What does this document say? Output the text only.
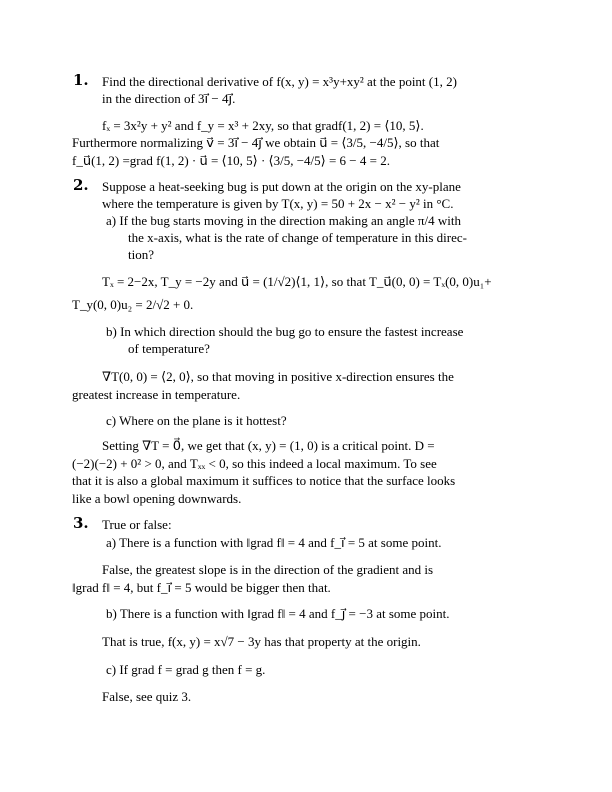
1. Find the directional derivative of f(x, y) = x³y+xy² at the point (1, 2)
in the direction of 3i⃗ − 4j⃗.
fₓ = 3x²y + y² and f_y = x³ + 2xy, so that gradf(1, 2) = ⟨10, 5⟩.
Furthermore normalizing v⃗ = 3i⃗ − 4j⃗ we obtain u⃗ = ⟨3/5, −4/5⟩, so that
f_u⃗(1, 2) =grad f(1, 2) · u⃗ = ⟨10, 5⟩ · ⟨3/5, −4/5⟩ = 6 − 4 = 2.
2. Suppose a heat-seeking bug is put down at the origin on the xy-plane
where the temperature is given by T(x, y) = 50 + 2x − x² − y² in °C.
a) If the bug starts moving in the direction making an angle π/4 with
the x-axis, what is the rate of change of temperature in this direc-
tion?
Tₓ = 2−2x, T_y = −2y and u⃗ = (1/√2)⟨1, 1⟩, so that T_u⃗(0, 0) = Tₓ(0, 0)u₁+
T_y(0, 0)u₂ = 2/√2 + 0.
b) In which direction should the bug go to ensure the fastest increase
of temperature?
∇T(0, 0) = ⟨2, 0⟩, so that moving in positive x-direction ensures the
greatest increase in temperature.
c) Where on the plane is it hottest?
Setting ∇T = 0⃗, we get that (x, y) = (1, 0) is a critical point. D =
(−2)(−2) + 0² > 0, and Tₓₓ < 0, so this indeed a local maximum. To see
that it is also a global maximum it suffices to notice that the surface looks
like a bowl opening downwards.
3. True or false:
a) There is a function with ‖grad f‖ = 4 and f_i⃗ = 5 at some point.
False, the greatest slope is in the direction of the gradient and is
‖grad f‖ = 4, but f_i⃗ = 5 would be bigger then that.
b) There is a function with ‖grad f‖ = 4 and f_j⃗ = −3 at some point.
That is true, f(x, y) = x√7 − 3y has that property at the origin.
c) If grad f = grad g then f = g.
False, see quiz 3.
